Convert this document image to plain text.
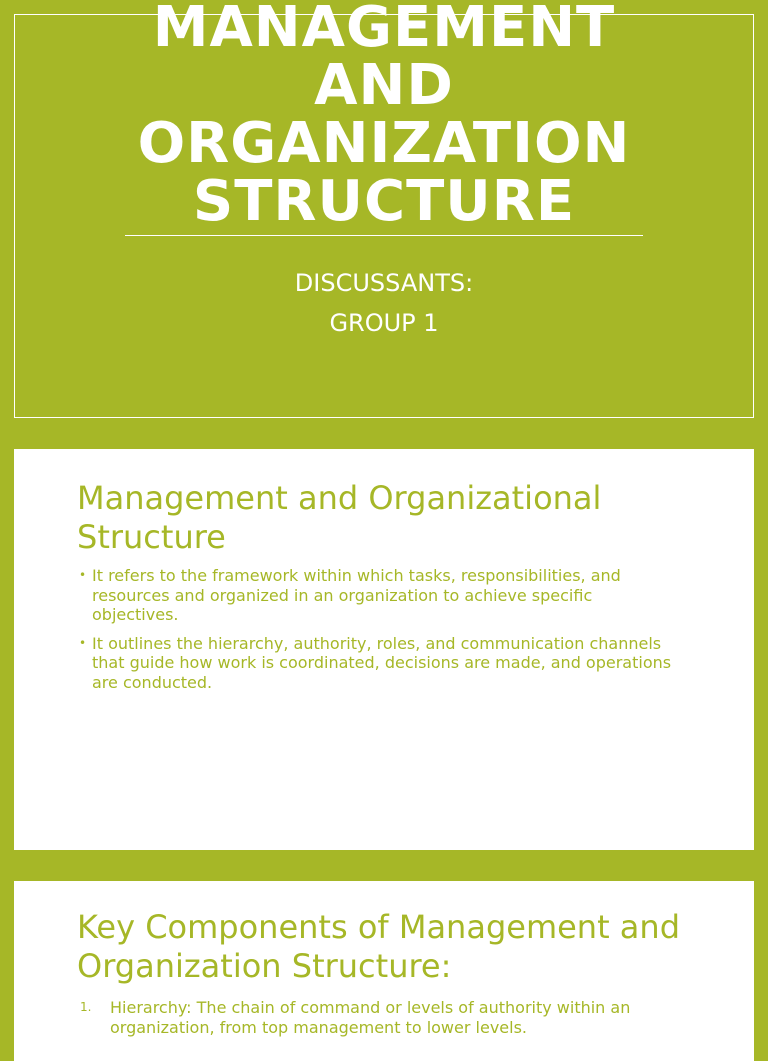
MANAGEMENT
AND
ORGANIZATION
STRUCTURE
DISCUSSANTS:
GROUP 1
Management and Organizational Structure
• It refers to the framework within which tasks, responsibilities, and resources and organized in an organization to achieve specific objectives.
• It outlines the hierarchy, authority, roles, and communication channels that guide how work is coordinated, decisions are made, and operations are conducted.
Key Components of Management and Organization Structure:
1. Hierarchy: The chain of command or levels of authority within an organization, from top management to lower levels.
